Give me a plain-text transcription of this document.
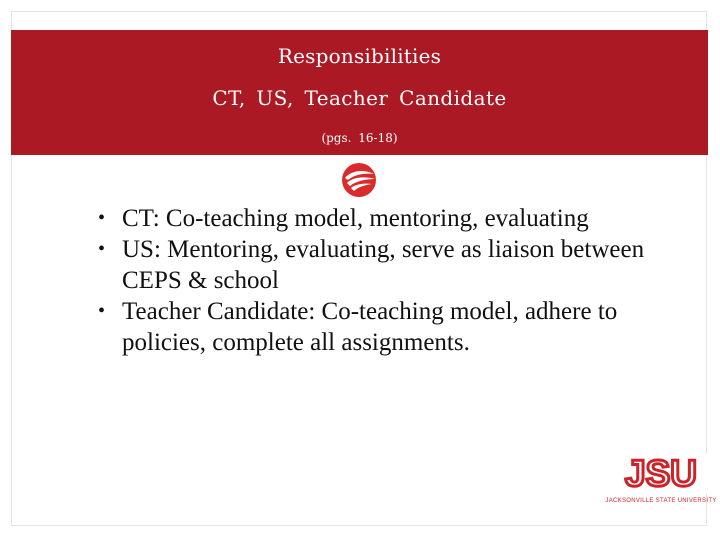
Responsibilities
CT, US, Teacher Candidate
(pgs. 16-18)
• CT: Co-teaching model, mentoring, evaluating
• US: Mentoring, evaluating, serve as liaison between CEPS & school
• Teacher Candidate: Co-teaching model, adhere to policies, complete all assignments.
JSU
JACKSONVILLE STATE UNIVERSITY
